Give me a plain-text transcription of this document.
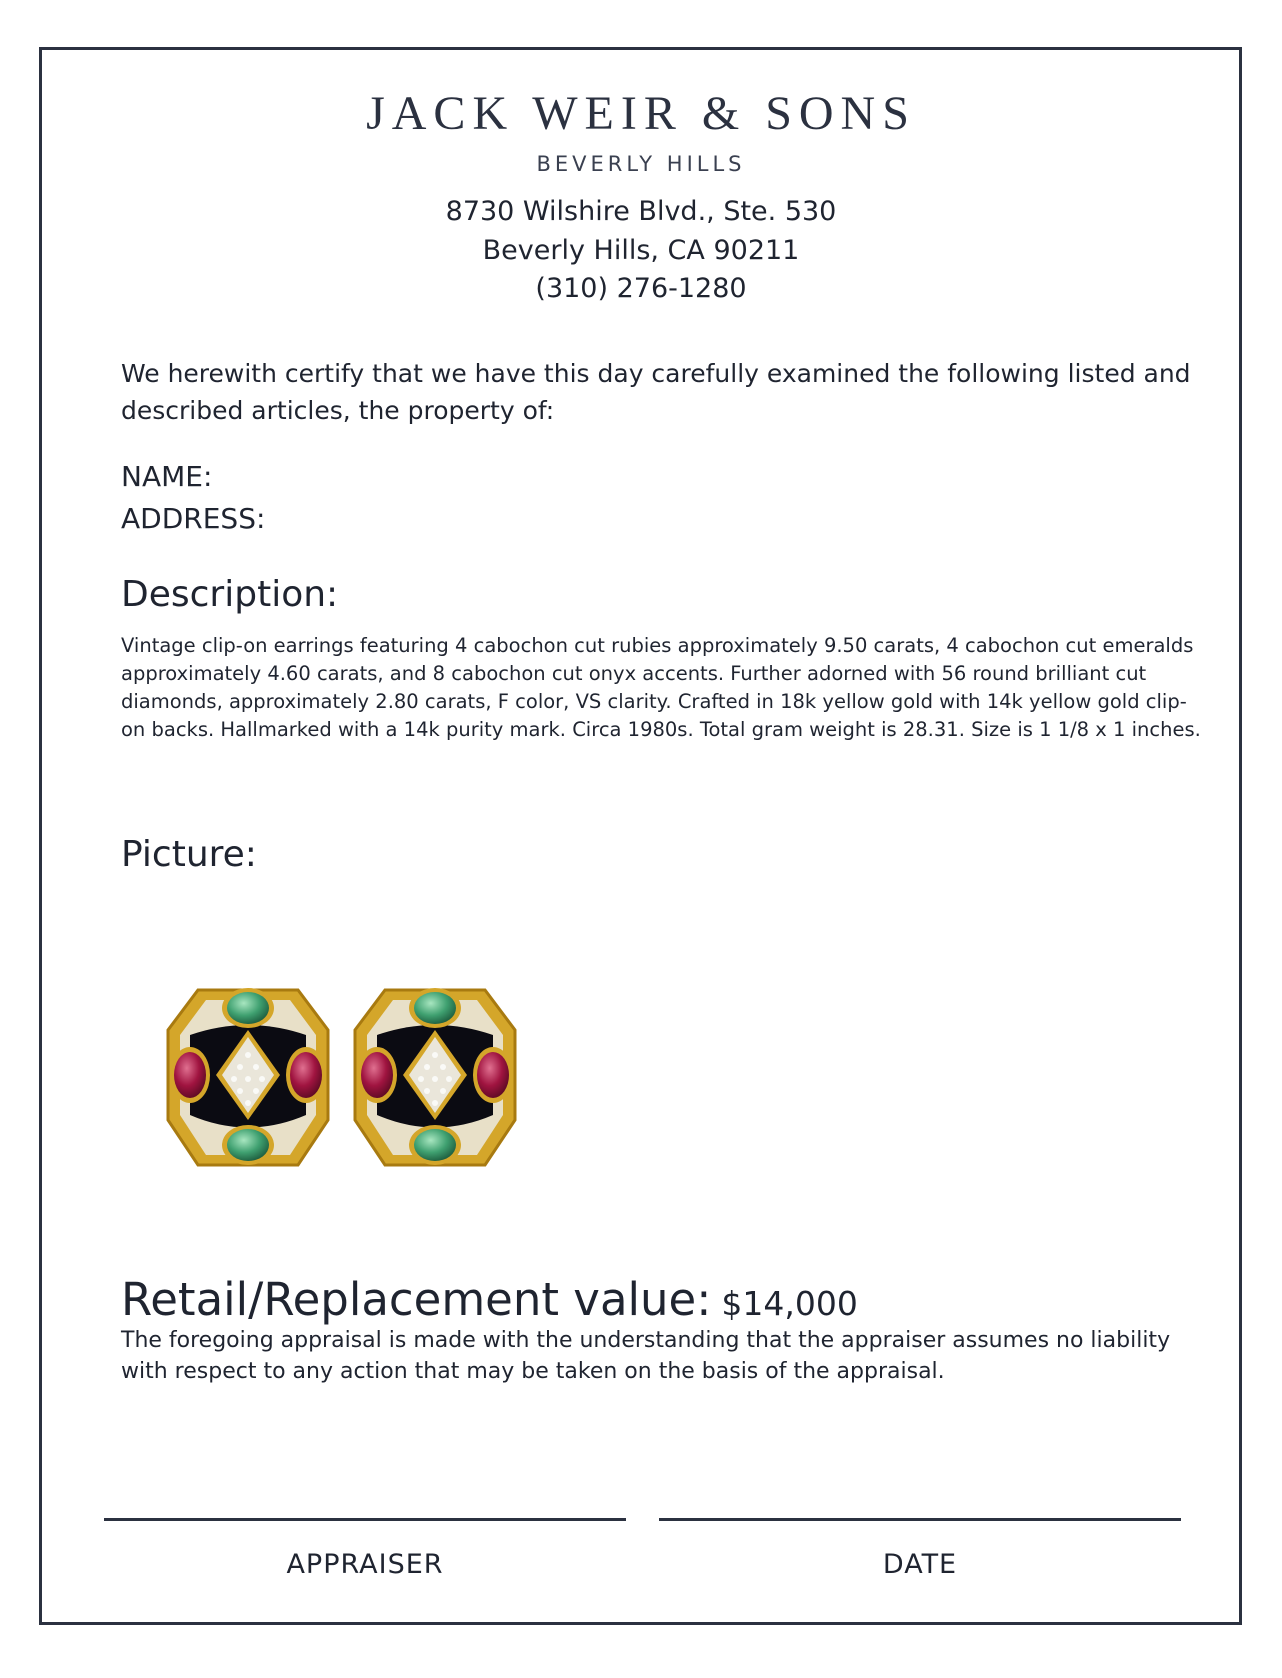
JACK WEIR & SONS
BEVERLY HILLS
8730 Wilshire Blvd., Ste. 530
Beverly Hills, CA 90211
(310) 276-1280
We herewith certify that we have this day carefully examined the following listed and described articles, the property of:
NAME:
ADDRESS:
Description:
Vintage clip-on earrings featuring 4 cabochon cut rubies approximately 9.50 carats, 4 cabochon cut emeralds approximately 4.60 carats, and 8 cabochon cut onyx accents. Further adorned with 56 round brilliant cut diamonds, approximately 2.80 carats, F color, VS clarity. Crafted in 18k yellow gold with 14k yellow gold clip-on backs. Hallmarked with a 14k purity mark. Circa 1980s. Total gram weight is 28.31. Size is 1 1/8 x 1 inches.
Picture:
Retail/Replacement value: $14,000
The foregoing appraisal is made with the understanding that the appraiser assumes no liability with respect to any action that may be taken on the basis of the appraisal.
APPRAISER	DATE
